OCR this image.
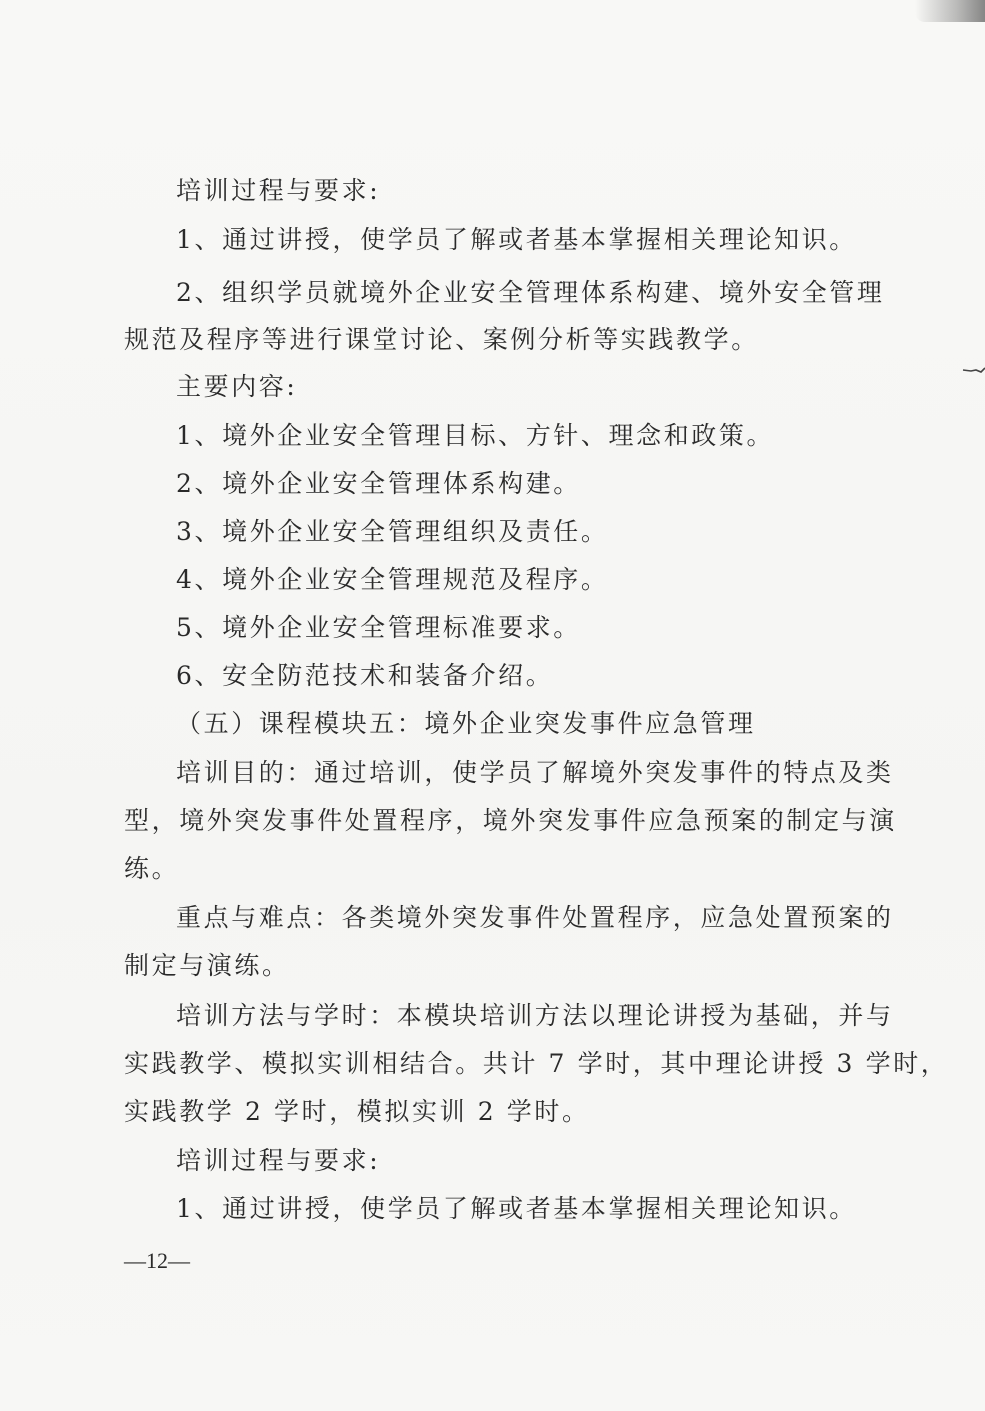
培训过程与要求:
1、通过讲授，使学员了解或者基本掌握相关理论知识。
2、组织学员就境外企业安全管理体系构建、境外安全管理
规范及程序等进行课堂讨论、案例分析等实践教学。
主要内容:
1、境外企业安全管理目标、方针、理念和政策。
2、境外企业安全管理体系构建。
3、境外企业安全管理组织及责任。
4、境外企业安全管理规范及程序。
5、境外企业安全管理标准要求。
6、安全防范技术和装备介绍。
（五）课程模块五：境外企业突发事件应急管理
培训目的：通过培训，使学员了解境外突发事件的特点及类
型，境外突发事件处置程序，境外突发事件应急预案的制定与演
练。
重点与难点：各类境外突发事件处置程序，应急处置预案的
制定与演练。
培训方法与学时：本模块培训方法以理论讲授为基础，并与
实践教学、模拟实训相结合。共计 7 学时，其中理论讲授 3 学时，
实践教学 2 学时，模拟实训 2 学时。
培训过程与要求:
1、通过讲授，使学员了解或者基本掌握相关理论知识。
—12—
